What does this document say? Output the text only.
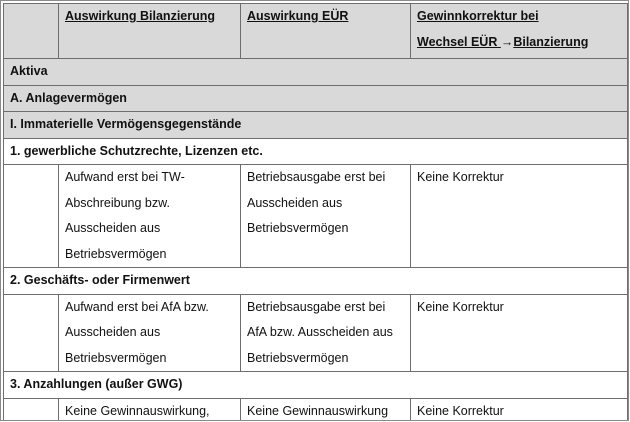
	Auswirkung Bilanzierung	Auswirkung EÜR	Gewinnkorrektur bei
Wechsel EÜR →Bilanzierung
Aktiva			
A. Anlagevermögen			
I. Immaterielle Vermögensgegenstände			
1. gewerbliche Schutzrechte, Lizenzen etc.			
	Aufwand erst bei TW-
Abschreibung bzw.
Ausscheiden aus
Betriebsvermögen	Betriebsausgabe erst bei
Ausscheiden aus
Betriebsvermögen	Keine Korrektur
2. Geschäfts- oder Firmenwert			
	Aufwand erst bei AfA bzw.
Ausscheiden aus
Betriebsvermögen	Betriebsausgabe erst bei
AfA bzw. Ausscheiden aus
Betriebsvermögen	Keine Korrektur
3. Anzahlungen (außer GWG)			
	Keine Gewinnauswirkung,	Keine Gewinnauswirkung	Keine Korrektur
